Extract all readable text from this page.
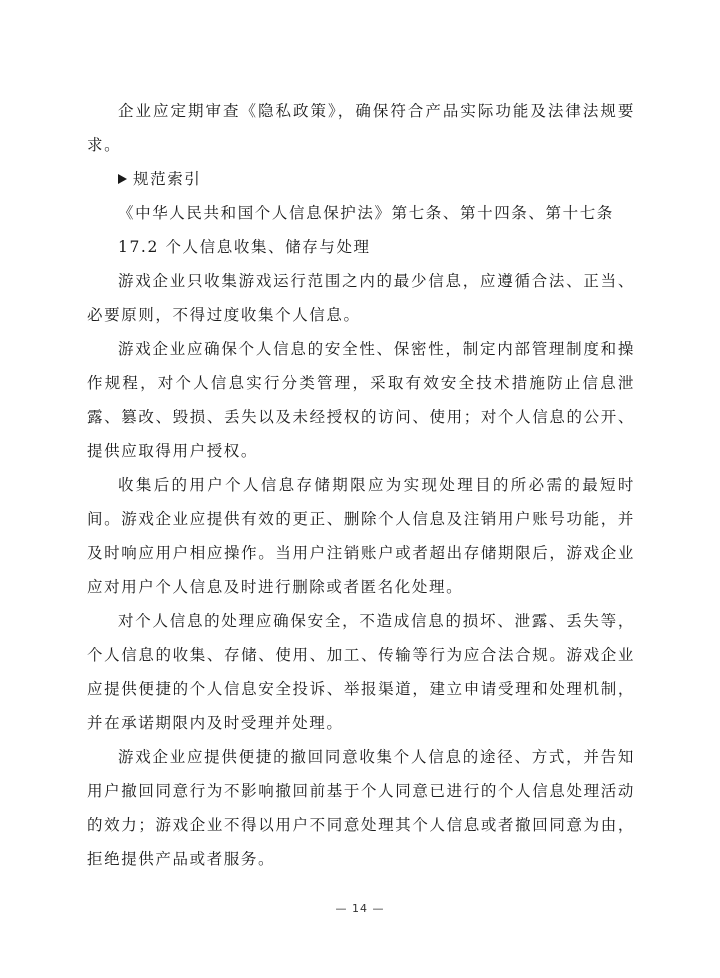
企业应定期审查《隐私政策》，确保符合产品实际功能及法律法规要求。

规范索引

《中华人民共和国个人信息保护法》第七条、第十四条、第十七条

17.2 个人信息收集、储存与处理

游戏企业只收集游戏运行范围之内的最少信息，应遵循合法、正当、必要原则，不得过度收集个人信息。

游戏企业应确保个人信息的安全性、保密性，制定内部管理制度和操作规程，对个人信息实行分类管理，采取有效安全技术措施防止信息泄露、篡改、毁损、丢失以及未经授权的访问、使用；对个人信息的公开、提供应取得用户授权。

收集后的用户个人信息存储期限应为实现处理目的所必需的最短时间。游戏企业应提供有效的更正、删除个人信息及注销用户账号功能，并及时响应用户相应操作。当用户注销账户或者超出存储期限后，游戏企业应对用户个人信息及时进行删除或者匿名化处理。

对个人信息的处理应确保安全，不造成信息的损坏、泄露、丢失等，个人信息的收集、存储、使用、加工、传输等行为应合法合规。游戏企业应提供便捷的个人信息安全投诉、举报渠道，建立申请受理和处理机制，并在承诺期限内及时受理并处理。

游戏企业应提供便捷的撤回同意收集个人信息的途径、方式，并告知用户撤回同意行为不影响撤回前基于个人同意已进行的个人信息处理活动的效力；游戏企业不得以用户不同意处理其个人信息或者撤回同意为由，拒绝提供产品或者服务。

— 14 —
